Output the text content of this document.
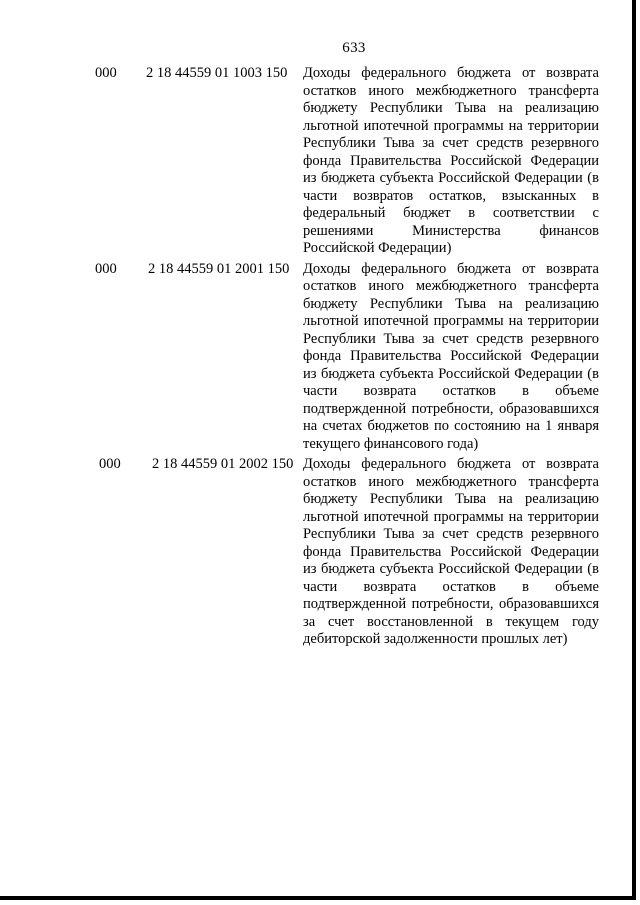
633
000 2 18 44559 01 1003 150 Доходы федерального бюджета от возврата остатков иного межбюджетного трансферта бюджету Республики Тыва на реализацию льготной ипотечной программы на территории Республики Тыва за счет средств резервного фонда Правительства Российской Федерации из бюджета субъекта Российской Федерации (в части возвратов остатков, взысканных в федеральный бюджет в соответствии с решениями Министерства финансов Российской Федерации)
000 2 18 44559 01 2001 150 Доходы федерального бюджета от возврата остатков иного межбюджетного трансферта бюджету Республики Тыва на реализацию льготной ипотечной программы на территории Республики Тыва за счет средств резервного фонда Правительства Российской Федерации из бюджета субъекта Российской Федерации (в части возврата остатков в объеме подтвержденной потребности, образовавшихся на счетах бюджетов по состоянию на 1 января текущего финансового года)
000 2 18 44559 01 2002 150 Доходы федерального бюджета от возврата остатков иного межбюджетного трансферта бюджету Республики Тыва на реализацию льготной ипотечной программы на территории Республики Тыва за счет средств резервного фонда Правительства Российской Федерации из бюджета субъекта Российской Федерации (в части возврата остатков в объеме подтвержденной потребности, образовавшихся за счет восстановленной в текущем году дебиторской задолженности прошлых лет)
